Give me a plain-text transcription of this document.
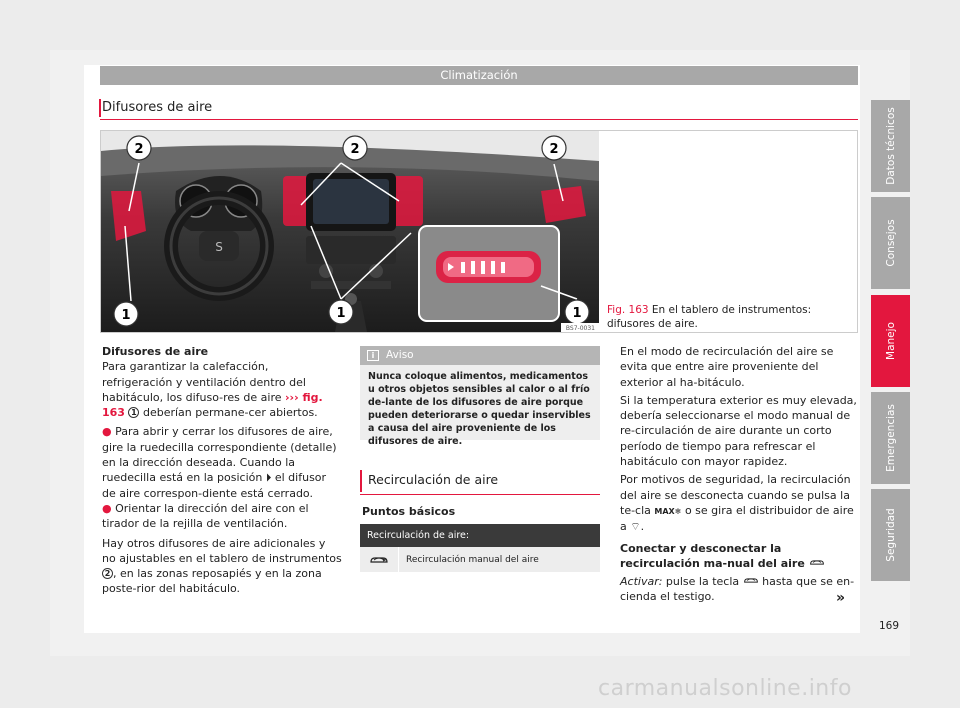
Climatización
Difusores de aire
S
2	2	2
1	1	1
BS7-0031
Fig. 163 En el tablero de instrumentos: difusores de aire.
Difusores de aire
Para garantizar la calefacción, refrigeración y ventilación dentro del habitáculo, los difuso-res de aire ››› fig. 163 1 deberían permane-cer abiertos.
● Para abrir y cerrar los difusores de aire, gire la ruedecilla correspondiente (detalle) en la dirección deseada. Cuando la ruedecilla está en la posición ⏵ el difusor de aire correspon-diente está cerrado.
● Orientar la dirección del aire con el tirador de la rejilla de ventilación.
Hay otros difusores de aire adicionales y no ajustables en el tablero de instrumentos 2 , en las zonas reposapiés y en la zona poste-rior del habitáculo.
i	Aviso
Nunca coloque alimentos, medicamentos u otros objetos sensibles al calor o al frío de-lante de los difusores de aire porque pueden deteriorarse o quedar inservibles a causa del aire proveniente de los difusores de aire.
Recirculación de aire
Puntos básicos
Recirculación de aire:
Recirculación manual del aire
En el modo de recirculación del aire se evita que entre aire proveniente del exterior al ha-bitáculo.
Si la temperatura exterior es muy elevada, debería seleccionarse el modo manual de re-circulación de aire durante un corto período de tiempo para refrescar el habitáculo con mayor rapidez.
Por motivos de seguridad, la recirculación del aire se desconecta cuando se pulsa la te-cla MAX❄ o se gira el distribuidor de aire a ⌔.
Conectar y desconectar la recirculación ma-nual del aire
Activar: pulse la tecla hasta que se en-cienda el testigo.	»
Datos técnicos
Consejos
Manejo
Emergencias
Seguridad
169
carmanualsonline.info
